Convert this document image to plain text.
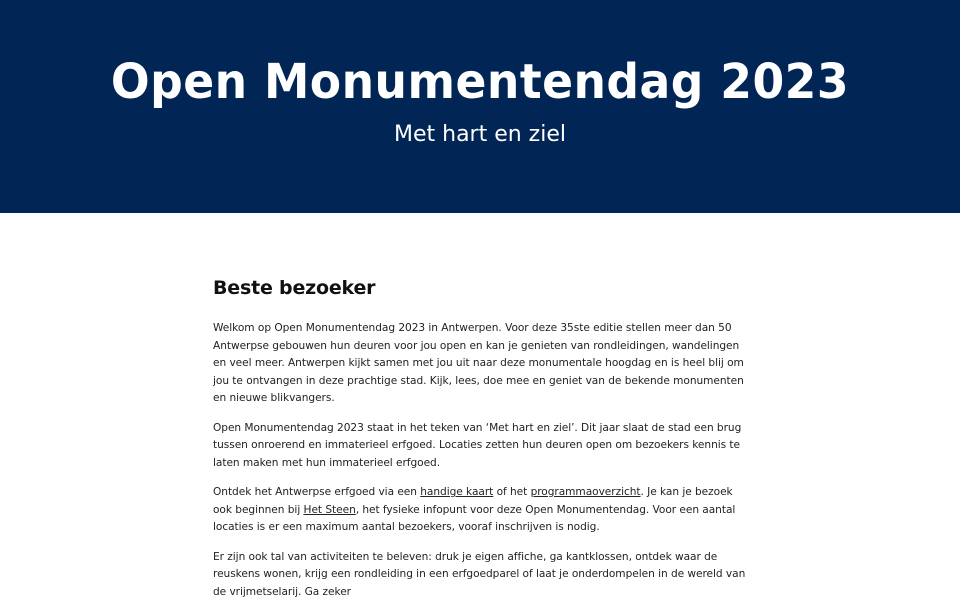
Open Monumentendag 2023
Met hart en ziel
Beste bezoeker

Welkom op Open Monumentendag 2023 in Antwerpen. Voor deze 35ste editie stellen meer dan 50 Antwerpse gebouwen hun deuren voor jou open en kan je genieten van rondleidingen, wandelingen en veel meer. Antwerpen kijkt samen met jou uit naar deze monumentale hoogdag en is heel blij om jou te ontvangen in deze prachtige stad. Kijk, lees, doe mee en geniet van de bekende monumenten en nieuwe blikvangers.

Open Monumentendag 2023 staat in het teken van ‘Met hart en ziel’. Dit jaar slaat de stad een brug tussen onroerend en immaterieel erfgoed. Locaties zetten hun deuren open om bezoekers kennis te laten maken met hun immaterieel erfgoed.

Ontdek het Antwerpse erfgoed via een handige kaart of het programmaoverzicht. Je kan je bezoek ook beginnen bij Het Steen, het fysieke infopunt voor deze Open Monumentendag. Voor een aantal locaties is er een maximum aantal bezoekers, vooraf inschrijven is nodig.

Er zijn ook tal van activiteiten te beleven: druk je eigen affiche, ga kantklossen, ontdek waar de reuskens wonen, krijg een rondleiding in een erfgoedparel of laat je onderdompelen in de wereld van de vrijmetselarij. Ga zeker
